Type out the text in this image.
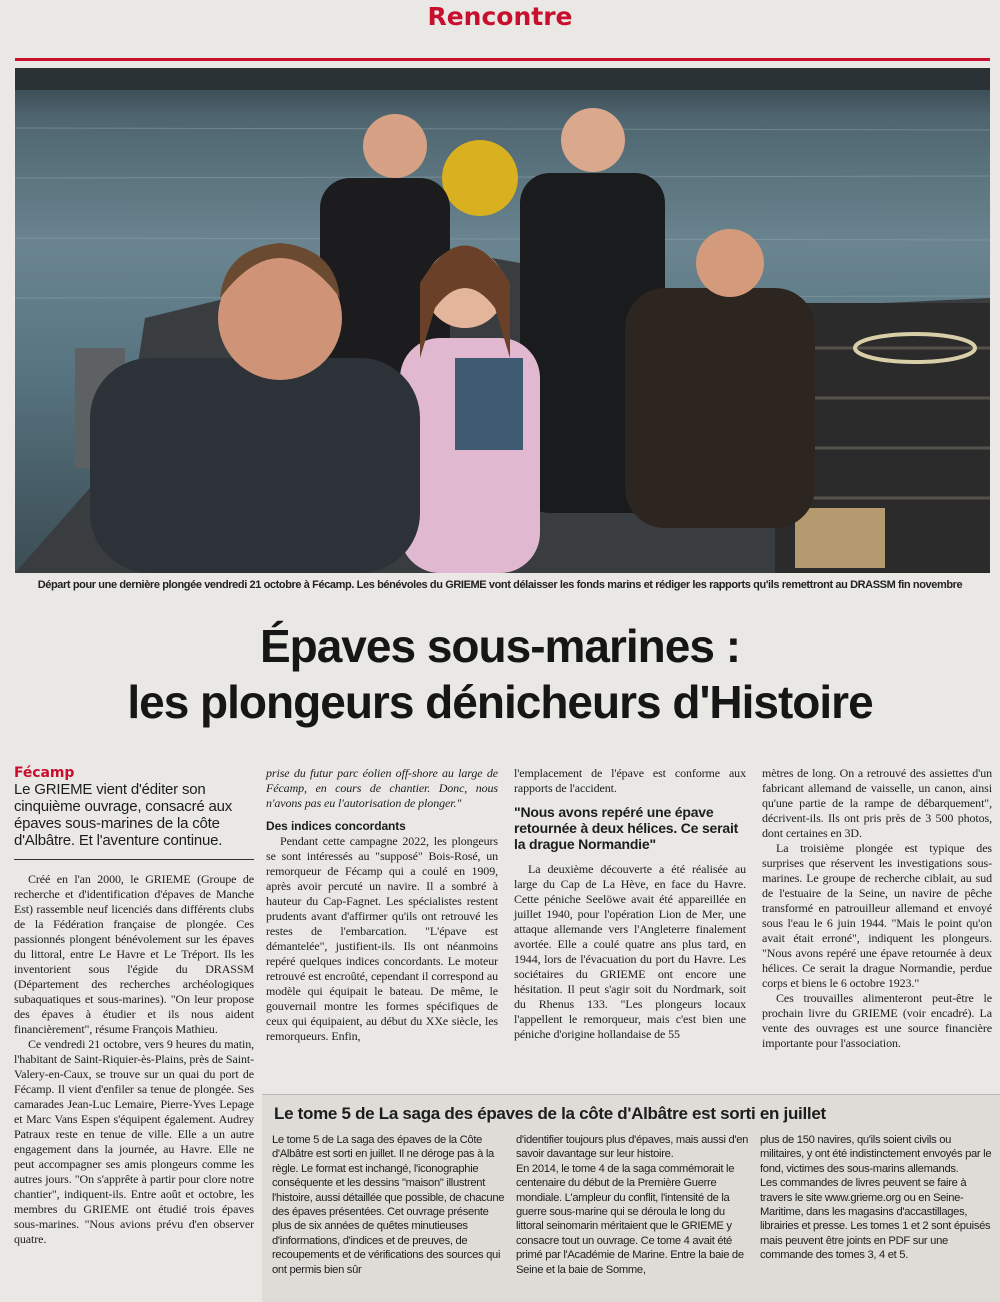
Rencontre
Départ pour une dernière plongée vendredi 21 octobre à Fécamp. Les bénévoles du GRIEME vont délaisser les fonds marins et rédiger les rapports qu'ils remettront au DRASSM fin novembre
Épaves sous-marines :
les plongeurs dénicheurs d'Histoire
Fécamp
Le GRIEME vient d'éditer son cinquième ouvrage, consacré aux épaves sous-marines de la côte d'Albâtre. Et l'aventure continue.

Créé en l'an 2000, le GRIEME (Groupe de recherche et d'identification d'épaves de Manche Est) rassemble neuf licenciés dans différents clubs de la Fédération française de plongée. Ces passionnés plongent bénévolement sur les épaves du littoral, entre Le Havre et Le Tréport. Ils les inventorient sous l'égide du DRASSM (Département des recherches archéologiques subaquatiques et sous-marines). "On leur propose des épaves à étudier et ils nous aident financièrement", résume François Mathieu.

Ce vendredi 21 octobre, vers 9 heures du matin, l'habitant de Saint-Riquier-ès-Plains, près de Saint-Valery-en-Caux, se trouve sur un quai du port de Fécamp. Il vient d'enfiler sa tenue de plongée. Ses camarades Jean-Luc Lemaire, Pierre-Yves Lepage et Marc Vans Espen s'équipent également. Audrey Patraux reste en tenue de ville. Elle a un autre engagement dans la journée, au Havre. Elle ne peut accompagner ses amis plongeurs comme les autres jours. "On s'apprête à partir pour clore notre chantier", indiquent-ils. Entre août et octobre, les membres du GRIEME ont étudié trois épaves sous-marines. "Nous avions prévu d'en observer quatre.

prise du futur parc éolien off-shore au large de Fécamp, en cours de chantier. Donc, nous n'avons pas eu l'autorisation de plonger."

Des indices concordants

Pendant cette campagne 2022, les plongeurs se sont intéressés au "supposé" Bois-Rosé, un remorqueur de Fécamp qui a coulé en 1909, après avoir percuté un navire. Il a sombré à hauteur du Cap-Fagnet. Les spécialistes restent prudents avant d'affirmer qu'ils ont retrouvé les restes de l'embarcation. "L'épave est démantelée", justifient-ils. Ils ont néanmoins repéré quelques indices concordants. Le moteur retrouvé est encroûté, cependant il correspond au modèle qui équipait le bateau. De même, le gouvernail montre les formes spécifiques de ceux qui équipaient, au début du XXe siècle, les remorqueurs. Enfin,

l'emplacement de l'épave est conforme aux rapports de l'accident.

"Nous avons repéré une épave retournée à deux hélices. Ce serait la drague Normandie"

La deuxième découverte a été réalisée au large du Cap de La Hève, en face du Havre. Cette péniche Seelöwe avait été appareillée en juillet 1940, pour l'opération Lion de Mer, une attaque allemande vers l'Angleterre finalement avortée. Elle a coulé quatre ans plus tard, en 1944, lors de l'évacuation du port du Havre. Les sociétaires du GRIEME ont encore une hésitation. Il peut s'agir soit du Nordmark, soit du Rhenus 133. "Les plongeurs locaux l'appellent le remorqueur, mais c'est bien une péniche d'origine hollandaise de 55

mètres de long. On a retrouvé des assiettes d'un fabricant allemand de vaisselle, un canon, ainsi qu'une partie de la rampe de débarquement", décrivent-ils. Ils ont pris près de 3 500 photos, dont certaines en 3D.

La troisième plongée est typique des surprises que réservent les investigations sous-marines. Le groupe de recherche ciblait, au sud de l'estuaire de la Seine, un navire de pêche transformé en patrouilleur allemand et envoyé sous l'eau le 6 juin 1944. "Mais le point qu'on avait était erroné", indiquent les plongeurs. "Nous avons repéré une épave retournée à deux hélices. Ce serait la drague Normandie, perdue corps et biens le 6 octobre 1923."

Ces trouvailles alimenteront peut-être le prochain livre du GRIEME (voir encadré). La vente des ouvrages est une source financière importante pour l'association.

Le tome 5 de La saga des épaves de la côte d'Albâtre est sorti en juillet
Le tome 5 de La saga des épaves de la Côte d'Albâtre est sorti en juillet. Il ne déroge pas à la règle. Le format est inchangé, l'iconographie conséquente et les dessins "maison" illustrent l'histoire, aussi détaillée que possible, de chacune des épaves présentées. Cet ouvrage présente plus de six années de quêtes minutieuses d'informations, d'indices et de preuves, de recoupements et de vérifications des sources qui ont permis bien sûr
d'identifier toujours plus d'épaves, mais aussi d'en savoir davantage sur leur histoire.
En 2014, le tome 4 de la saga commémorait le centenaire du début de la Première Guerre mondiale. L'ampleur du conflit, l'intensité de la guerre sous-marine qui se déroula le long du littoral seinomarin méritaient que le GRIEME y consacre tout un ouvrage. Ce tome 4 avait été primé par l'Académie de Marine. Entre la baie de Seine et la baie de Somme,
plus de 150 navires, qu'ils soient civils ou militaires, y ont été indistinctement envoyés par le fond, victimes des sous-marins allemands.
Les commandes de livres peuvent se faire à travers le site www.grieme.org ou en Seine-Maritime, dans les magasins d'accastillages, librairies et presse. Les tomes 1 et 2 sont épuisés mais peuvent être joints en PDF sur une commande des tomes 3, 4 et 5.
